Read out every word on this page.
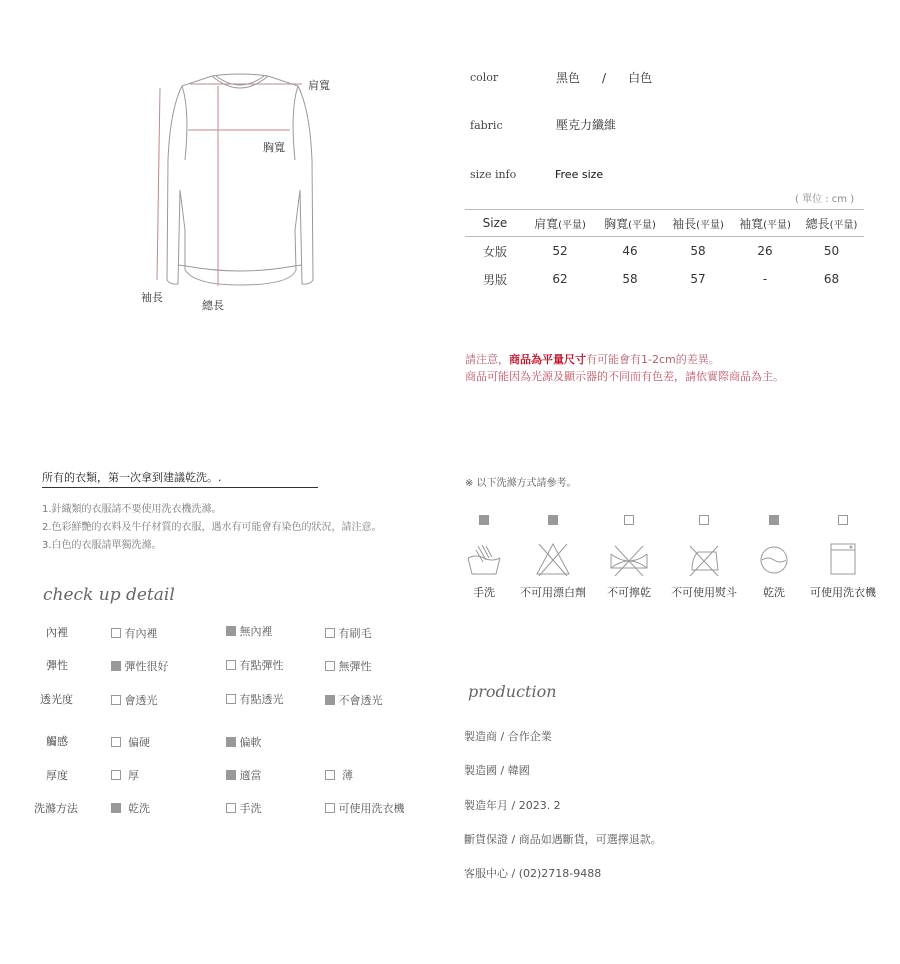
肩寬
胸寬
袖長
總長
color	黑色 / 白色
fabric	壓克力纖維
size info	Free size
( 單位 : cm )
Size	肩寬(平量)	胸寬(平量)	袖長(平量)	袖寬(平量)	總長(平量)
女版	52	46	58	26	50
男版	62	58	57	-	68
請注意，商品為平量尺寸有可能會有1-2cm的差異。
商品可能因為光源及顯示器的不同而有色差，請依實際商品為主。
所有的衣類，第一次拿到建議乾洗。.
1.針織類的衣服請不要使用洗衣機洗滌。
2.色彩鮮艷的衣料及牛仔材質的衣服，遇水有可能會有染色的狀況，請注意。
3.白色的衣服請單獨洗滌。
※ 以下洗滌方式請參考。
手洗	不可用漂白劑	不可擰乾	不可使用熨斗	乾洗	可使用洗衣機
check up detail
內裡	有內裡	無內裡	有刷毛
彈性	彈性很好	有點彈性	無彈性
透光度	會透光	有點透光	不會透光
觸感	偏硬	偏軟
厚度	厚	適當	薄
洗滌方法	乾洗	手洗	可使用洗衣機
production
製造商 / 合作企業
製造國 / 韓國
製造年月 / 2023. 2
斷貨保證 / 商品如遇斷貨，可選擇退款。
客服中心 / (02)2718-9488
